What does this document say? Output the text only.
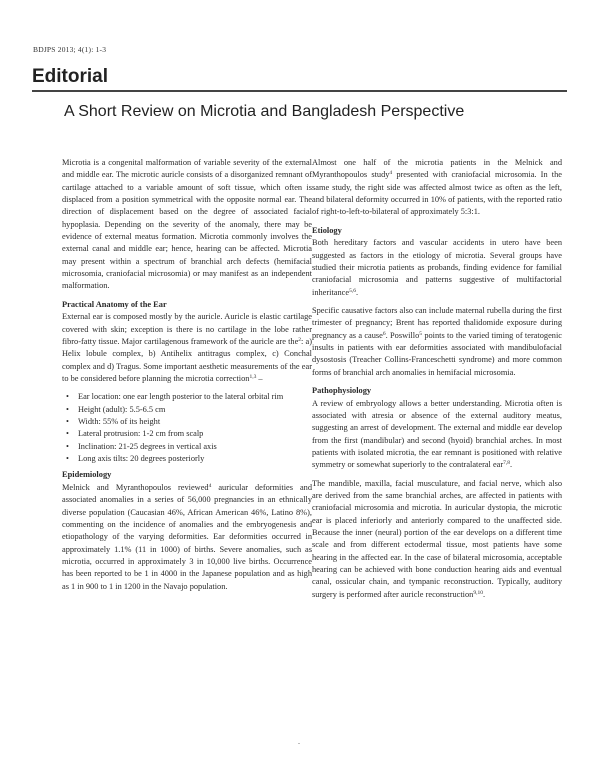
BDJPS 2013; 4(1): 1-3
Editorial
A Short Review on Microtia and Bangladesh Perspective

Microtia is a congenital malformation of variable severity of the external and middle ear. The microtic auricle consists of a disorganized remnant of cartilage attached to a variable amount of soft tissue, which often is displaced from a position symmetrical with the opposite normal ear. The direction of displacement based on the degree of associated facial hypoplasia. Depending on the severity of the anomaly, there may be evidence of external meatus formation. Microtia commonly involves the external canal and middle ear; hence, hearing can be affected. Microtia may present within a spectrum of branchial arch defects (hemifacial microsomia, craniofacial microsomia) or may manifest as an independent malformation.

Practical Anatomy of the Ear

External ear is composed mostly by the auricle. Auricle is elastic cartilage covered with skin; exception is there is no cartilage in the lobe rather fibro-fatty tissue. Major cartilagenous framework of the auricle are the$^2$: a) Helix lobule complex, b) Antihelix antitragus complex, c) Conchal complex and d) Tragus. Some important aesthetic measurements of the ear to be considered before planning the microtia correction$^{1,3}$ –

• Ear location: one ear length posterior to the lateral orbital rim
• Height (adult): 5.5-6.5 cm
• Width: 55% of its height
• Lateral protrusion: 1-2 cm from scalp
• Inclination: 21-25 degrees in vertical axis
• Long axis tilts: 20 degrees posteriorly
Epidemiology

Melnick and Myranthopoulos reviewed$^4$ auricular deformities and associated anomalies in a series of 56,000 pregnancies in an ethnically diverse population (Caucasian 46%, African American 46%, Latino 8%), commenting on the incidence of anomalies and the embryogenesis and etiopathology of the varying deformities. Ear deformities occurred in approximately 1.1% (11 in 1000) of births. Severe anomalies, such as microtia, occurred in approximately 3 in 10,000 live births. Occurrence has been reported to be 1 in 4000 in the Japanese population and as high as 1 in 900 to 1 in 1200 in the Navajo population.

Almost one half of the microtia patients in the Melnick and Myranthopoulos study$^4$ presented with craniofacial microsomia. In the same study, the right side was affected almost twice as often as the left, and bilateral deformity occurred in 10% of patients, with the reported ratio of right-to-left-to-bilateral of approximately 5:3:1.

Etiology

Both hereditary factors and vascular accidents in utero have been suggested as factors in the etiology of microtia. Several groups have studied their microtia patients as probands, finding evidence for familial craniofacial microsomia and patterns suggestive of multifactorial inheritance$^{5,6}$.

Specific causative factors also can include maternal rubella during the first trimester of pregnancy; Brent has reported thalidomide exposure during pregnancy as a cause$^6$. Poswillo$^5$ points to the varied timing of teratogenic insults in patients with ear deformities associated with mandibulofacial dysostosis (Treacher Collins-Franceschetti syndrome) and more common forms of branchial arch anomalies in hemifacial microsomia.

Pathophysiology

A review of embryology allows a better understanding. Microtia often is associated with atresia or absence of the external auditory meatus, suggesting an arrest of development. The external and middle ear develop from the first (mandibular) and second (hyoid) branchial arches. In most patients with isolated microtia, the ear remnant is positioned with relative symmetry or somewhat superiorly to the contralateral ear$^{7,8}$.

The mandible, maxilla, facial musculature, and facial nerve, which also are derived from the same branchial arches, are affected in patients with craniofacial microsomia and microtia. In auricular dystopia, the microtic ear is placed inferiorly and anteriorly compared to the unaffected side. Because the inner (neural) portion of the ear develops on a different time scale and from different ectodermal tissue, most patients have some hearing in the affected ear. In the case of bilateral microsomia, acceptable hearing can be achieved with bone conduction hearing aids and eventual canal, ossicular chain, and tympanic reconstruction. Typically, auditory surgery is performed after auricle reconstruction$^{9,10}$.

.
